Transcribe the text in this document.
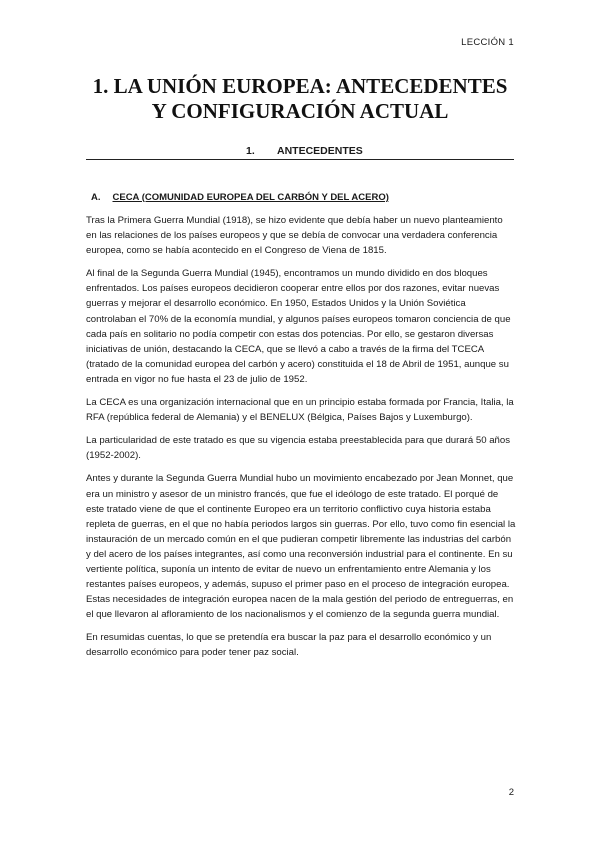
LECCIÓN 1
1. LA UNIÓN EUROPEA: ANTECEDENTES Y CONFIGURACIÓN ACTUAL
1. ANTECEDENTES
A. CECA (COMUNIDAD EUROPEA DEL CARBÓN Y DEL ACERO)

Tras la Primera Guerra Mundial (1918), se hizo evidente que debía haber un nuevo planteamiento en las relaciones de los países europeos y que se debía de convocar una verdadera conferencia europea, como se había acontecido en el Congreso de Viena de 1815.

Al final de la Segunda Guerra Mundial (1945), encontramos un mundo dividido en dos bloques enfrentados. Los países europeos decidieron cooperar entre ellos por dos razones, evitar nuevas guerras y mejorar el desarrollo económico. En 1950, Estados Unidos y la Unión Soviética controlaban el 70% de la economía mundial, y algunos países europeos tomaron conciencia de que cada país en solitario no podía competir con estas dos potencias. Por ello, se gestaron diversas iniciativas de unión, destacando la CECA, que se llevó a cabo a través de la firma del TCECA (tratado de la comunidad europea del carbón y acero) constituida el 18 de Abril de 1951, aunque su entrada en vigor no fue hasta el 23 de julio de 1952.

La CECA es una organización internacional que en un principio estaba formada por Francia, Italia, la RFA (república federal de Alemania) y el BENELUX (Bélgica, Países Bajos y Luxemburgo).

La particularidad de este tratado es que su vigencia estaba preestablecida para que durará 50 años (1952-2002).

Antes y durante la Segunda Guerra Mundial hubo un movimiento encabezado por Jean Monnet, que era un ministro y asesor de un ministro francés, que fue el ideólogo de este tratado. El porqué de este tratado viene de que el continente Europeo era un territorio conflictivo cuya historia estaba repleta de guerras, en el que no había periodos largos sin guerras. Por ello, tuvo como fin esencial la instauración de un mercado común en el que pudieran competir libremente las industrias del carbón y del acero de los países integrantes, así como una reconversión industrial para el continente. En su vertiente política, suponía un intento de evitar de nuevo un enfrentamiento entre Alemania y los restantes países europeos, y además, supuso el primer paso en el proceso de integración europea. Estas necesidades de integración europea nacen de la mala gestión del periodo de entreguerras, en el que llevaron al afloramiento de los nacionalismos y el comienzo de la segunda guerra mundial.

En resumidas cuentas, lo que se pretendía era buscar la paz para el desarrollo económico y un desarrollo económico para poder tener paz social.

2
